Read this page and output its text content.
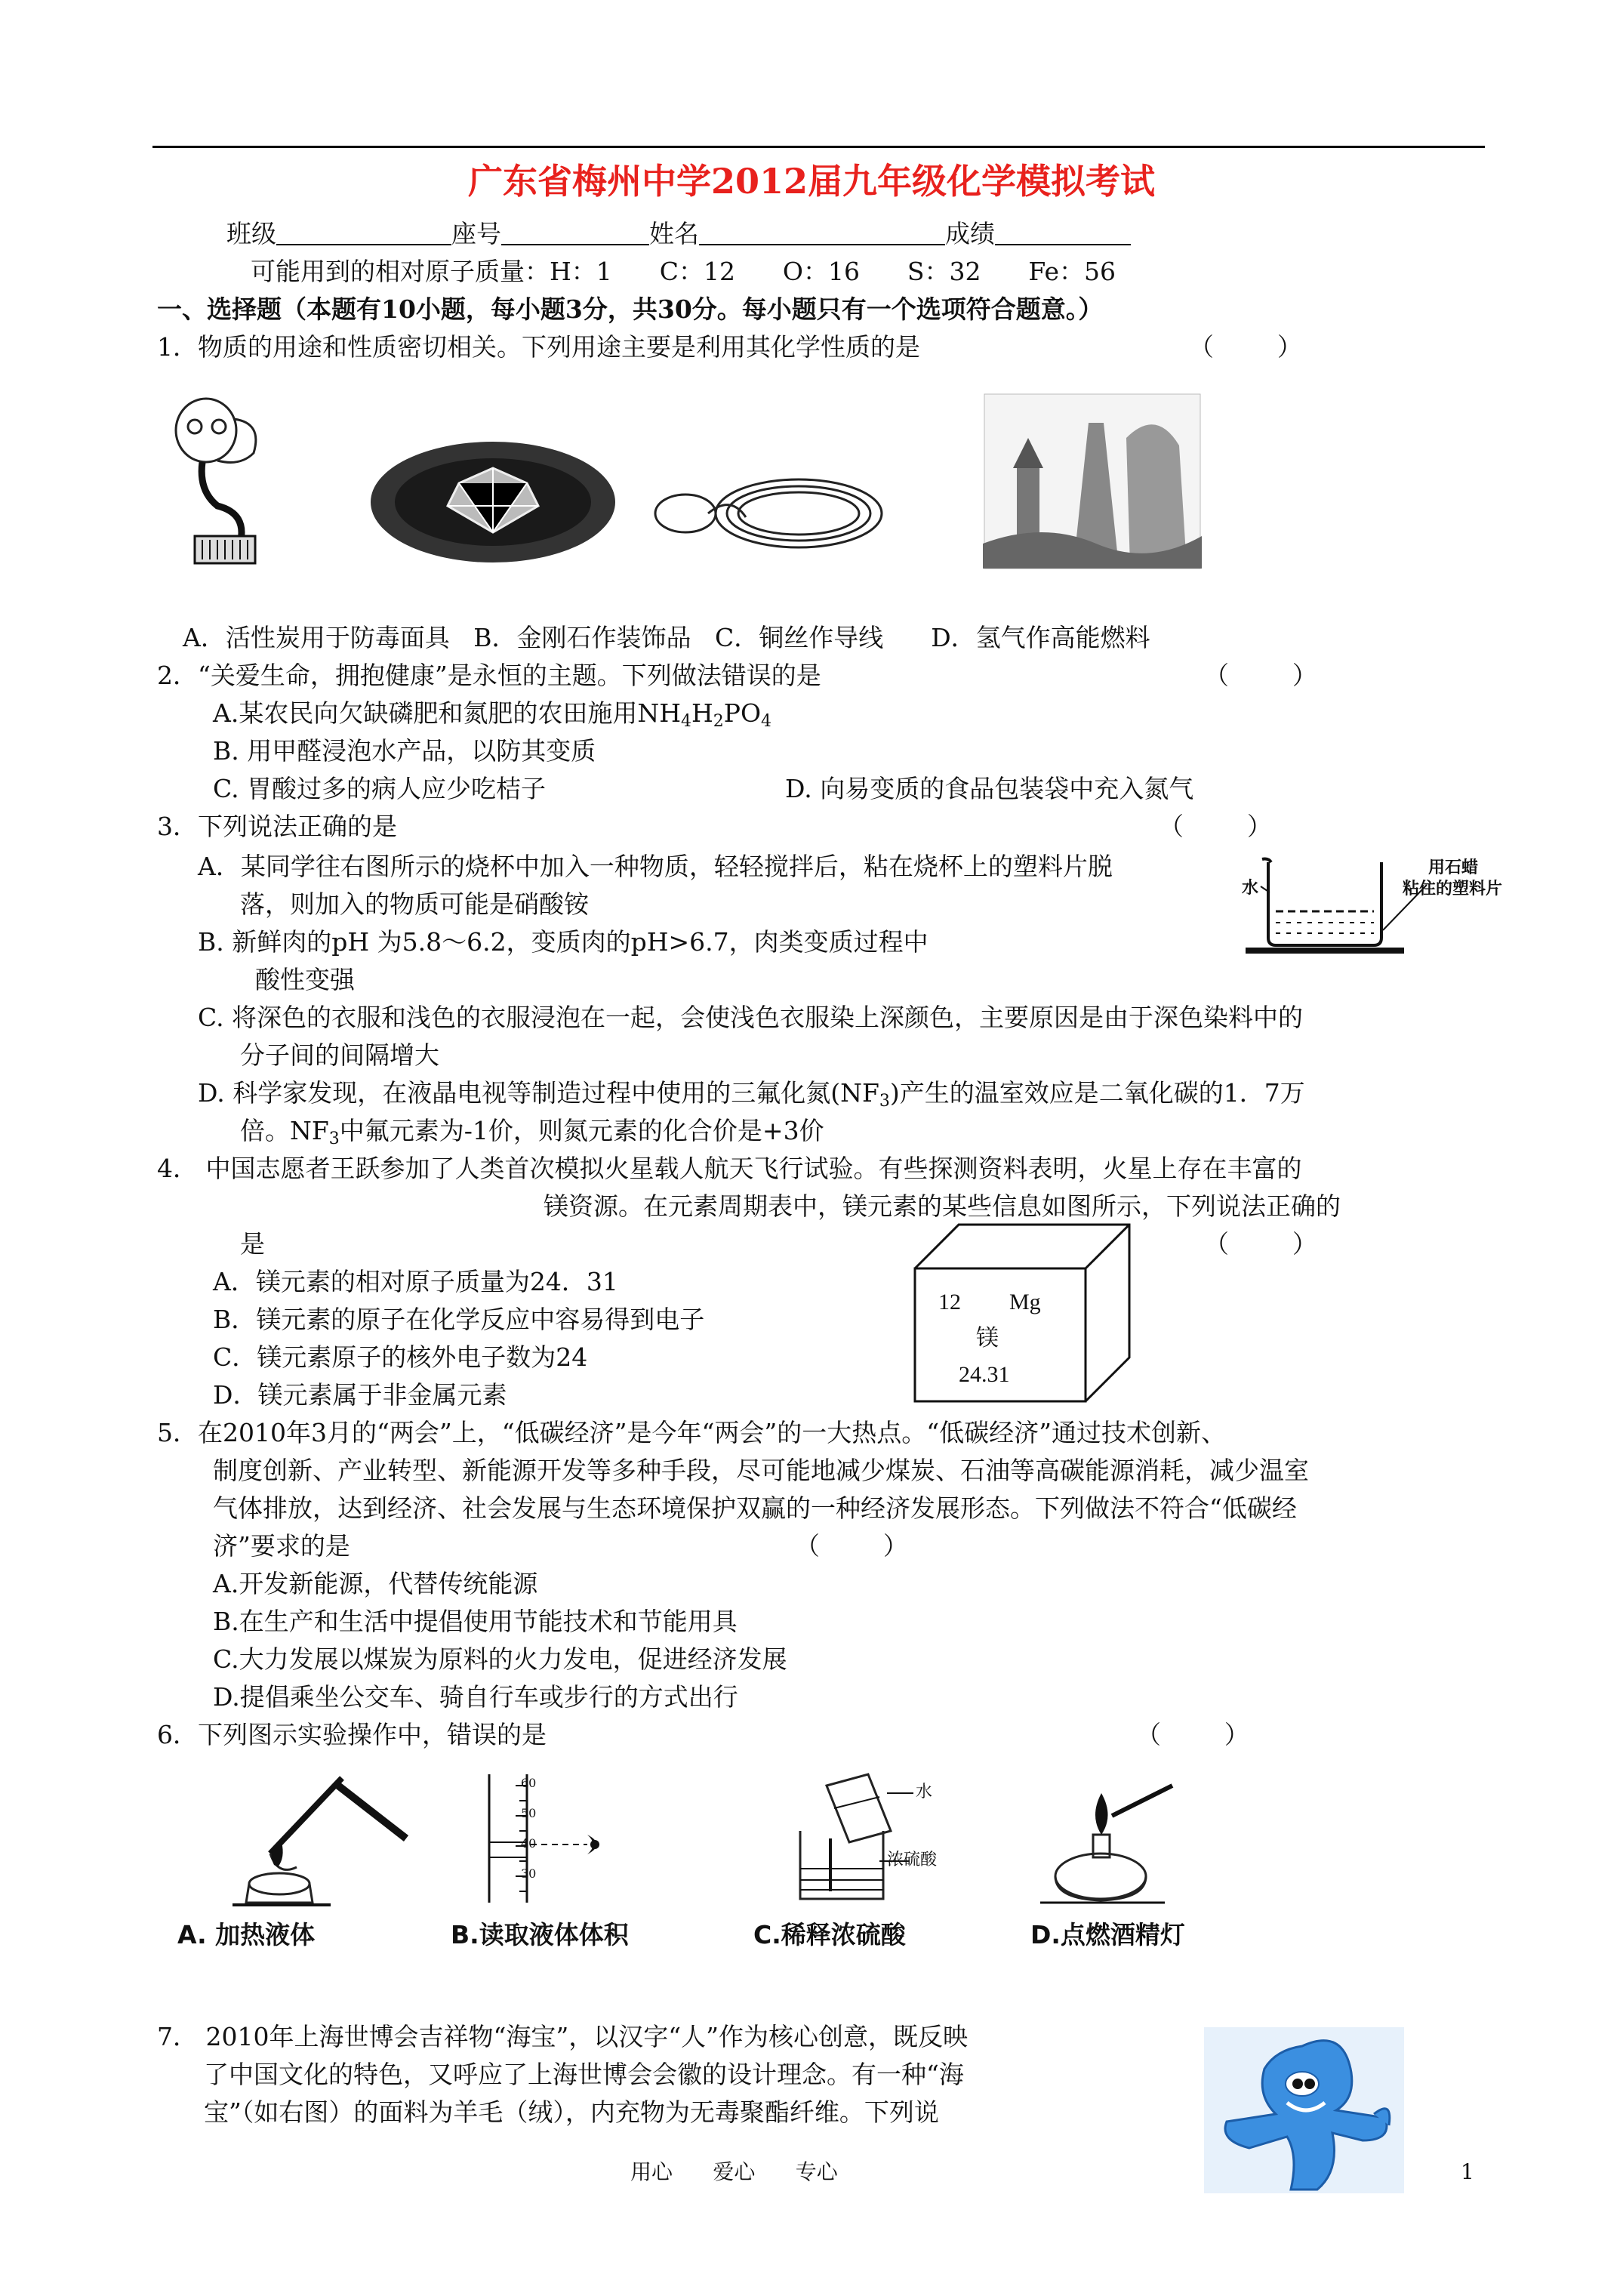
广东省梅州中学2012届九年级化学模拟考试
班级	座号	姓名	成绩
可能用到的相对原子质量：H：1      C：12      O：16      S：32      Fe：56
一、选择题（本题有10小题，每小题3分，共30分。每小题只有一个选项符合题意。）
1．物质的用途和性质密切相关。下列用途主要是利用其化学性质的是	（        ）
A．活性炭用于防毒面具   B．金刚石作装饰品   C．铜丝作导线      D．氢气作高能燃料
2．“关爱生命，拥抱健康”是永恒的主题。下列做法错误的是	（        ）
A.某农民向欠缺磷肥和氮肥的农田施用$NH_4H_2PO_4$
B. 用甲醛浸泡水产品，以防其变质
C. 胃酸过多的病人应少吃桔子	D. 向易变质的食品包装袋中充入氮气
3．下列说法正确的是	（        ）
A．某同学往右图所示的烧杯中加入一种物质，轻轻搅拌后，粘在烧杯上的塑料片脱
落，则加入的物质可能是硝酸铵
B. 新鲜肉的pH 为5.8～6.2，变质肉的pH>6.7，肉类变质过程中
酸性变强
C. 将深色的衣服和浅色的衣服浸泡在一起，会使浅色衣服染上深颜色，主要原因是由于深色染料中的
分子间的间隔增大
D. 科学家发现，在液晶电视等制造过程中使用的三氟化氮$(NF_3)$产生的温室效应是二氧化碳的1．7万
倍。$NF_3$中氟元素为-1价，则氮元素的化合价是+3价
水
用石蜡
粘住的塑料片
4． 中国志愿者王跃参加了人类首次模拟火星载人航天飞行试验。有些探测资料表明，火星上存在丰富的
镁资源。在元素周期表中，镁元素的某些信息如图所示，下列说法正确的
是	（        ）
A．镁元素的相对原子质量为24．31
B．镁元素的原子在化学反应中容易得到电子
C．镁元素原子的核外电子数为24
D．镁元素属于非金属元素
12 Mg
镁
24.31
5．在2010年3月的“两会”上，“低碳经济”是今年“两会”的一大热点。“低碳经济”通过技术创新、
制度创新、产业转型、新能源开发等多种手段，尽可能地减少煤炭、石油等高碳能源消耗，减少温室
气体排放，达到经济、社会发展与生态环境保护双赢的一种经济发展形态。下列做法不符合“低碳经
济”要求的是	（        ）
A.开发新能源，代替传统能源
B.在生产和生活中提倡使用节能技术和节能用具
C.大力发展以煤炭为原料的火力发电，促进经济发展
D.提倡乘坐公交车、骑自行车或步行的方式出行
6．下列图示实验操作中，错误的是	（        ）
60
50
40
30
水
浓硫酸
A. 加热液体	B.读取液体体积	C.稀释浓硫酸	D.点燃酒精灯
7． 2010年上海世博会吉祥物“海宝”，以汉字“人”作为核心创意，既反映
了中国文化的特色，又呼应了上海世博会会徽的设计理念。有一种“海
宝”（如右图）的面料为羊毛（绒），内充物为无毒聚酯纤维。下列说
用心      爱心      专心	1
